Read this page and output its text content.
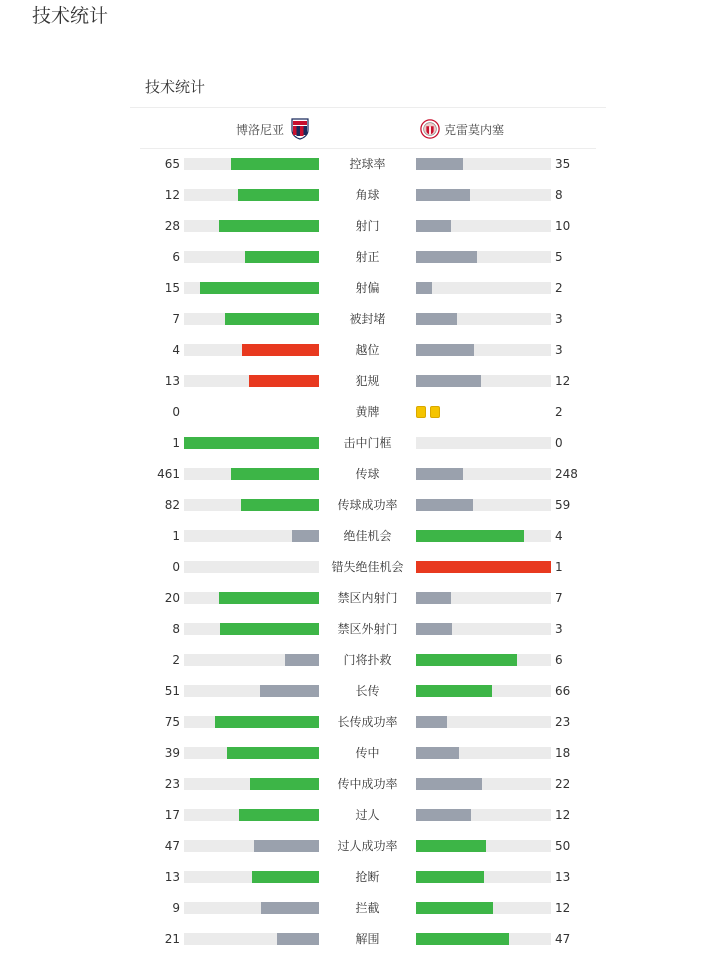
技术统计
技术统计
博洛尼亚	克雷莫内塞
65	控球率	35
12	角球	8
28	射门	10
6	射正	5
15	射偏	2
7	被封堵	3
4	越位	3
13	犯规	12
0	黄牌	2
1	击中门框	0
461	传球	248
82	传球成功率	59
1	绝佳机会	4
0	错失绝佳机会	1
20	禁区内射门	7
8	禁区外射门	3
2	门将扑救	6
51	长传	66
75	长传成功率	23
39	传中	18
23	传中成功率	22
17	过人	12
47	过人成功率	50
13	抢断	13
9	拦截	12
21	解围	47
